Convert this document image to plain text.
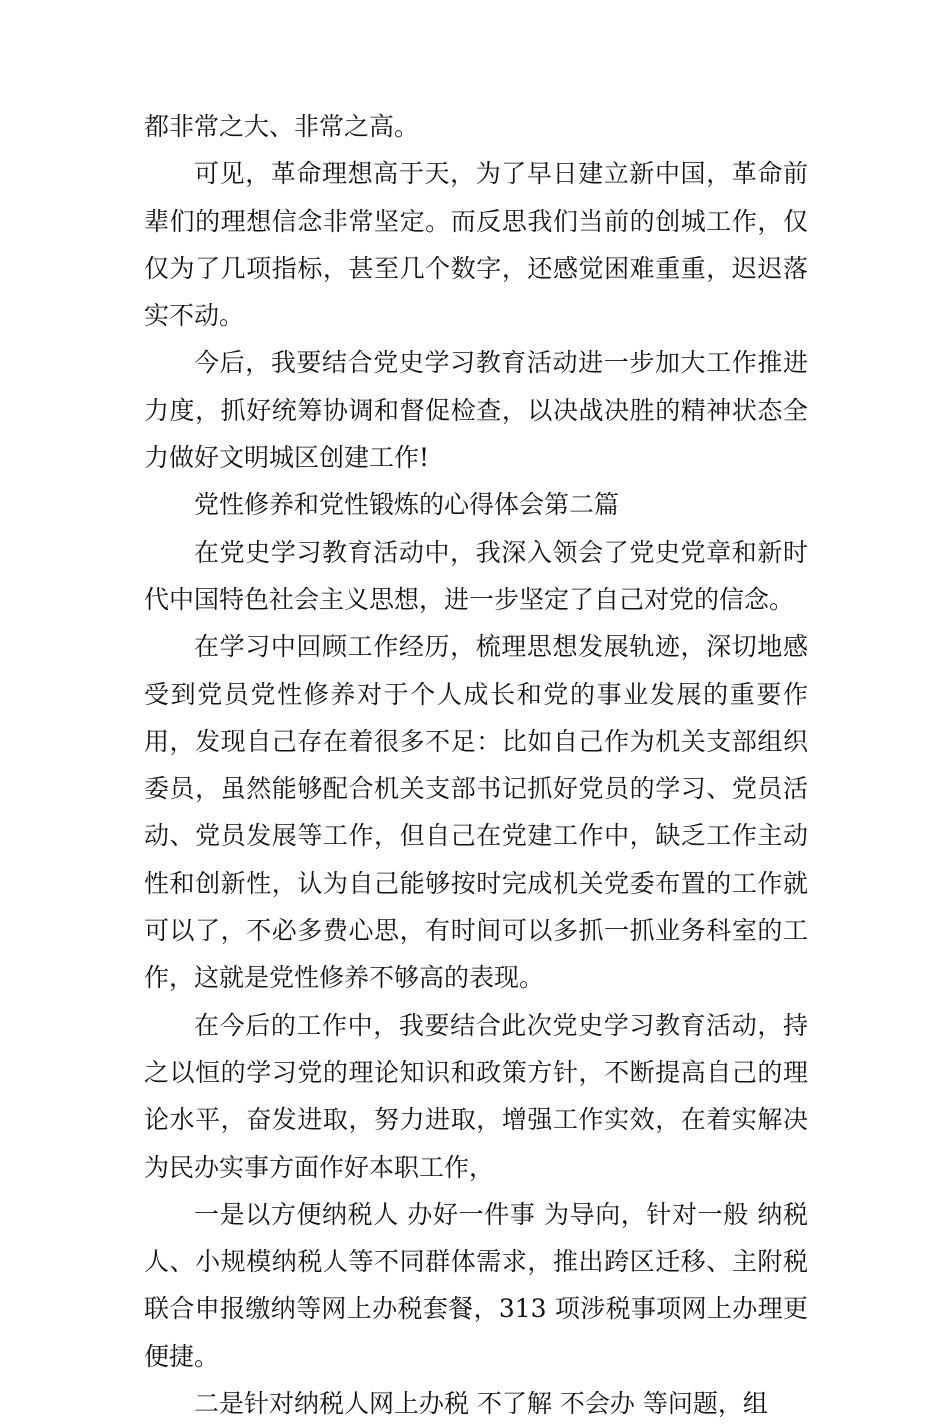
都非常之大、非常之高。

可见，革命理想高于天，为了早日建立新中国，革命前辈们的理想信念非常坚定。而反思我们当前的创城工作，仅仅为了几项指标，甚至几个数字，还感觉困难重重，迟迟落实不动。

今后，我要结合党史学习教育活动进一步加大工作推进力度，抓好统筹协调和督促检查，以决战决胜的精神状态全力做好文明城区创建工作!

党性修养和党性锻炼的心得体会第二篇

在党史学习教育活动中，我深入领会了党史党章和新时代中国特色社会主义思想，进一步坚定了自己对党的信念。

在学习中回顾工作经历，梳理思想发展轨迹，深切地感受到党员党性修养对于个人成长和党的事业发展的重要作用，发现自己存在着很多不足：比如自己作为机关支部组织委员，虽然能够配合机关支部书记抓好党员的学习、党员活动、党员发展等工作，但自己在党建工作中，缺乏工作主动性和创新性，认为自己能够按时完成机关党委布置的工作就可以了，不必多费心思，有时间可以多抓一抓业务科室的工作，这就是党性修养不够高的表现。

在今后的工作中，我要结合此次党史学习教育活动，持之以恒的学习党的理论知识和政策方针，不断提高自己的理论水平，奋发进取，努力进取，增强工作实效，在着实解决为民办实事方面作好本职工作，

一是以方便纳税人 办好一件事 为导向，针对一般 纳税人、小规模纳税人等不同群体需求，推出跨区迁移、主附税联合申报缴纳等网上办税套餐，313 项涉税事项网上办理更便捷。

二是针对纳税人网上办税 不了解 不会办 等问题，组
